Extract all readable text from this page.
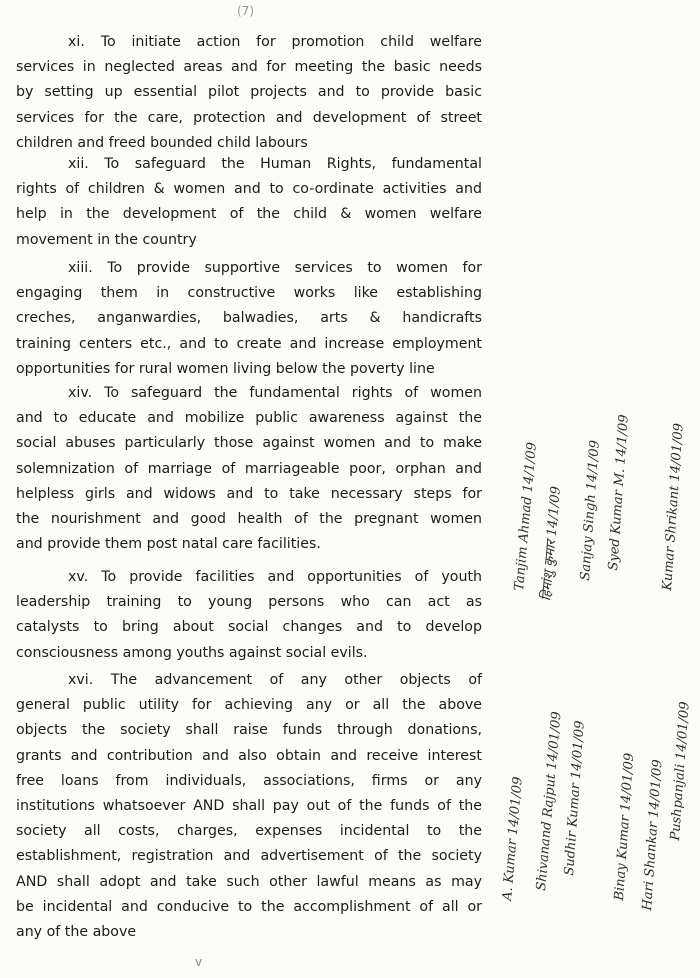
(7)

xi. To initiate action for promotion child welfare
services in neglected areas and for meeting the basic needs
by setting up essential pilot projects and to provide basic
services for the care, protection and development of street
children and freed bounded child labours

xii. To safeguard the Human Rights, fundamental
rights of children & women and to co-ordinate activities and
help in the development of the child & women welfare
movement in the country

xiii. To provide supportive services to women for
engaging them in constructive works like establishing
creches, anganwardies, balwadies, arts & handicrafts
training centers etc., and to create and increase employment
opportunities for rural women living below the poverty line

xiv. To safeguard the fundamental rights of women
and to educate and mobilize public awareness against the
social abuses particularly those against women and to make
solemnization of marriage of marriageable poor, orphan and
helpless girls and widows and to take necessary steps for
the nourishment and good health of the pregnant women
and provide them post natal care facilities.

xv. To provide facilities and opportunities of youth
leadership training to young persons who can act as
catalysts to bring about social changes and to develop
consciousness among youths against social evils.

xvi. The advancement of any other objects of
general public utility for achieving any or all the above
objects the society shall raise funds through donations,
grants and contribution and also obtain and receive interest
free loans from individuals, associations, firms or any
institutions whatsoever AND shall pay out of the funds of the
society all costs, charges, expenses incidental to the
establishment, registration and advertisement of the society
AND shall adopt and take such other lawful means as may
be incidental and conducive to the accomplishment of all or
any of the above

Tanjim Ahmad 14/1/09 हिमांशु कुमार 14/1/09 Sanjay Singh 14/1/09 Syed Kumar M. 14/1/09 Kumar Shrikant 14/01/09
Binay Kumar 14/01/09 Hari Shankar 14/01/09 Pushpanjali 14/01/09
Shivanand Rajput 14/01/09
Sudhir Kumar 14/01/09
A. Kumar 14/01/09
v
